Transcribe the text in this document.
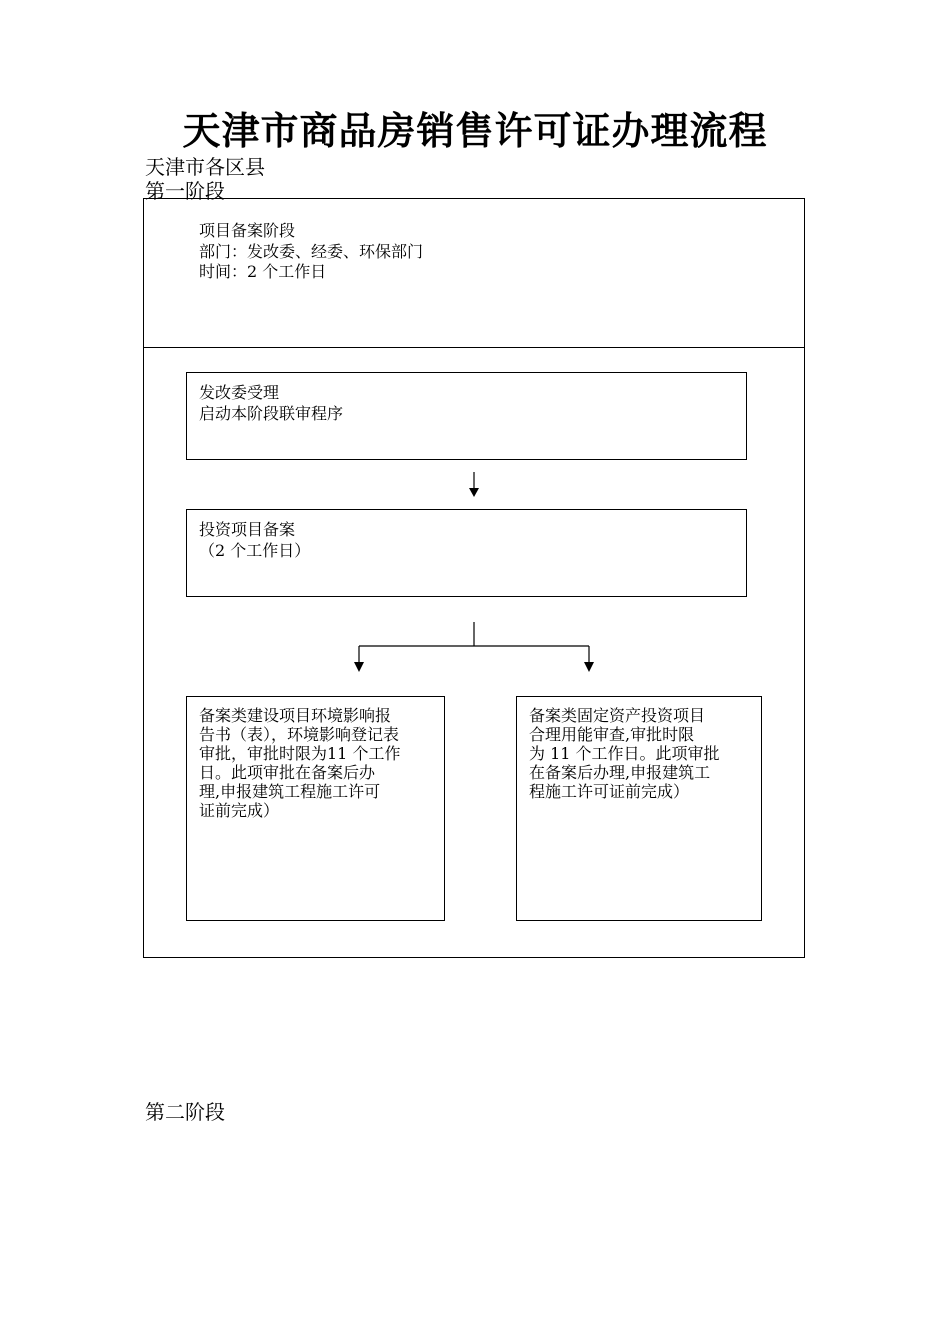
天津市商品房销售许可证办理流程
天津市各区县
第一阶段
项目备案阶段
部门：发改委、经委、环保部门
时间：2 个工作日
发改委受理
启动本阶段联审程序
投资项目备案
（2 个工作日）
备案类建设项目环境影响报
告书（表），环境影响登记表
审批，审批时限为11 个工作
日。此项审批在备案后办
理,申报建筑工程施工许可
证前完成）
备案类固定资产投资项目
合理用能审查,审批时限
为 11 个工作日。此项审批
在备案后办理,申报建筑工
程施工许可证前完成）
第二阶段
